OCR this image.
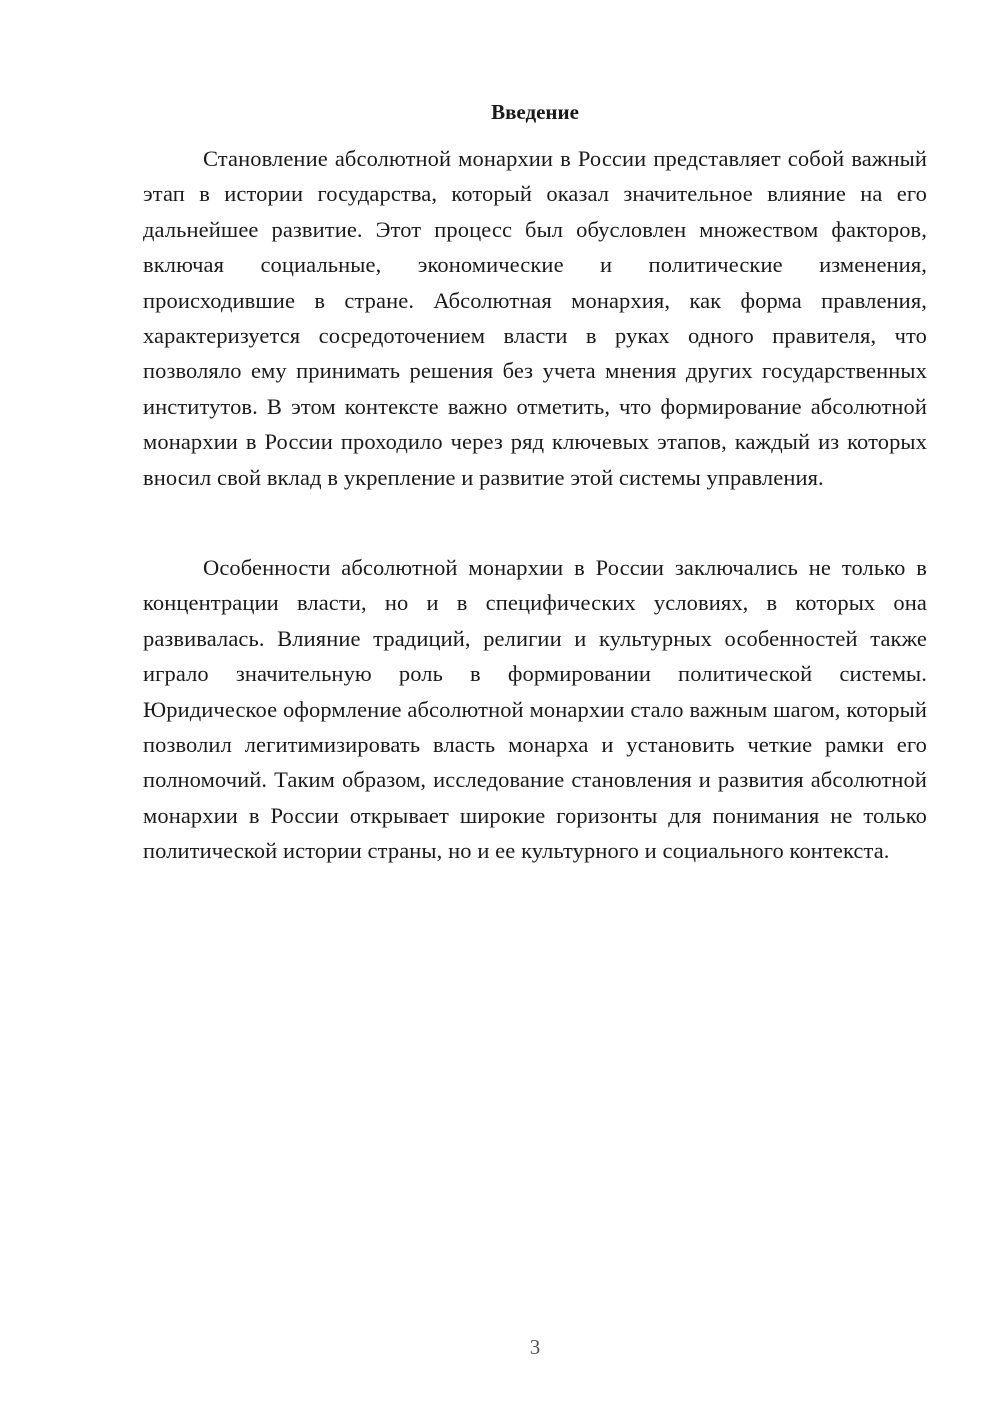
Введение

Становление абсолютной монархии в России представляет собой важный этап в истории государства, который оказал значительное влияние на его дальнейшее развитие. Этот процесс был обусловлен множеством факторов, включая социальные, экономические и политические изменения, происходившие в стране. Абсолютная монархия, как форма правления, характеризуется сосредоточением власти в руках одного правителя, что позволяло ему принимать решения без учета мнения других государственных институтов. В этом контексте важно отметить, что формирование абсолютной монархии в России проходило через ряд ключевых этапов, каждый из которых вносил свой вклад в укрепление и развитие этой системы управления.

Особенности абсолютной монархии в России заключались не только в концентрации власти, но и в специфических условиях, в которых она развивалась. Влияние традиций, религии и культурных особенностей также играло значительную роль в формировании политической системы. Юридическое оформление абсолютной монархии стало важным шагом, который позволил легитимизировать власть монарха и установить четкие рамки его полномочий. Таким образом, исследование становления и развития абсолютной монархии в России открывает широкие горизонты для понимания не только политической истории страны, но и ее культурного и социального контекста.

3
